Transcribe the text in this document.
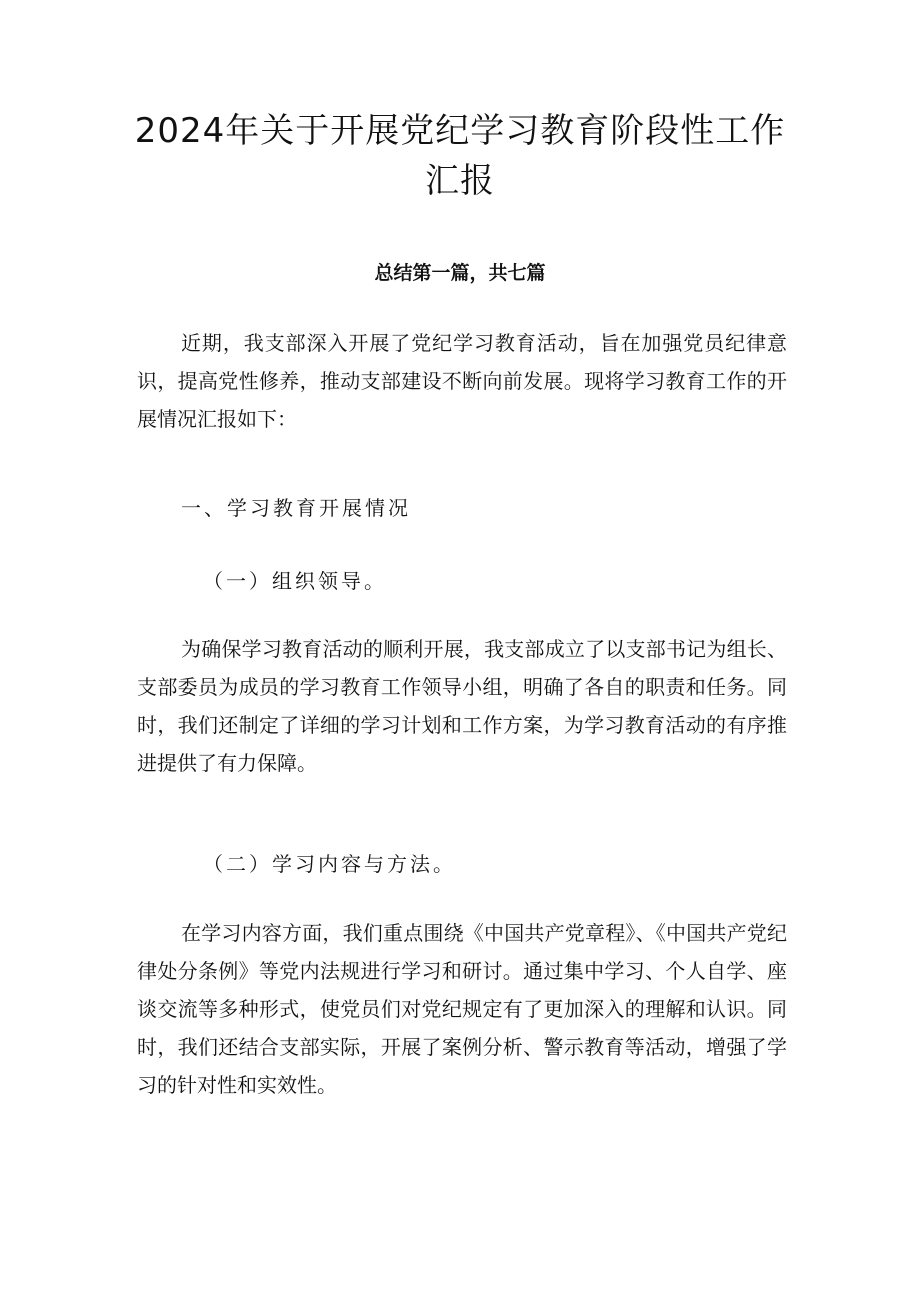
2024年关于开展党纪学习教育阶段性工作汇报
总结第一篇，共七篇

近期，我支部深入开展了党纪学习教育活动，旨在加强党员纪律意识，提高党性修养，推动支部建设不断向前发展。现将学习教育工作的开展情况汇报如下：

一、学习教育开展情况
（一）组织领导。

为确保学习教育活动的顺利开展，我支部成立了以支部书记为组长、支部委员为成员的学习教育工作领导小组，明确了各自的职责和任务。同时，我们还制定了详细的学习计划和工作方案，为学习教育活动的有序推进提供了有力保障。

（二）学习内容与方法。

在学习内容方面，我们重点围绕《中国共产党章程》、《中国共产党纪律处分条例》等党内法规进行学习和研讨。通过集中学习、个人自学、座谈交流等多种形式，使党员们对党纪规定有了更加深入的理解和认识。同时，我们还结合支部实际，开展了案例分析、警示教育等活动，增强了学习的针对性和实效性。
